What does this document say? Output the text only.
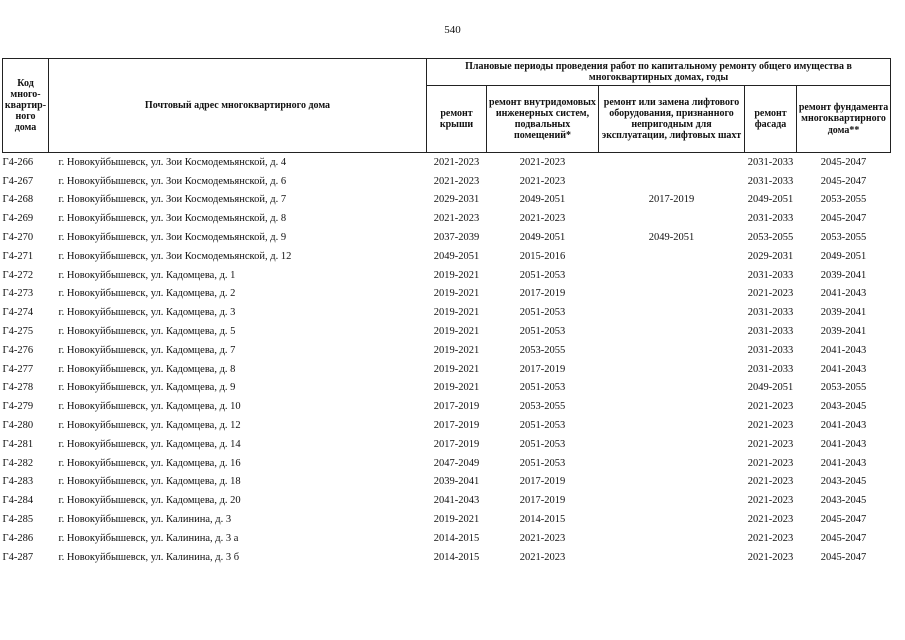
540
Код много-квартир-ного дома	Почтовый адрес многоквартирного дома	Плановые периоды проведения работ по капитальному ремонту общего имущества в многоквартирных домах, годы				
		ремонт крыши	ремонт внутридомовых инженерных систем, подвальных помещений*	ремонт или замена лифтового оборудования, признанного непригодным для эксплуатации, лифтовых шахт	ремонт фасада	ремонт фундамента многоквартирного дома**
Г4-266	г. Новокуйбышевск, ул. Зои Космодемьянской, д. 4	2021-2023	2021-2023		2031-2033	2045-2047
Г4-267	г. Новокуйбышевск, ул. Зои Космодемьянской, д. 6	2021-2023	2021-2023		2031-2033	2045-2047
Г4-268	г. Новокуйбышевск, ул. Зои Космодемьянской, д. 7	2029-2031	2049-2051	2017-2019	2049-2051	2053-2055
Г4-269	г. Новокуйбышевск, ул. Зои Космодемьянской, д. 8	2021-2023	2021-2023		2031-2033	2045-2047
Г4-270	г. Новокуйбышевск, ул. Зои Космодемьянской, д. 9	2037-2039	2049-2051	2049-2051	2053-2055	2053-2055
Г4-271	г. Новокуйбышевск, ул. Зои Космодемьянской, д. 12	2049-2051	2015-2016		2029-2031	2049-2051
Г4-272	г. Новокуйбышевск, ул. Кадомцева, д. 1	2019-2021	2051-2053		2031-2033	2039-2041
Г4-273	г. Новокуйбышевск, ул. Кадомцева, д. 2	2019-2021	2017-2019		2021-2023	2041-2043
Г4-274	г. Новокуйбышевск, ул. Кадомцева, д. 3	2019-2021	2051-2053		2031-2033	2039-2041
Г4-275	г. Новокуйбышевск, ул. Кадомцева, д. 5	2019-2021	2051-2053		2031-2033	2039-2041
Г4-276	г. Новокуйбышевск, ул. Кадомцева, д. 7	2019-2021	2053-2055		2031-2033	2041-2043
Г4-277	г. Новокуйбышевск, ул. Кадомцева, д. 8	2019-2021	2017-2019		2031-2033	2041-2043
Г4-278	г. Новокуйбышевск, ул. Кадомцева, д. 9	2019-2021	2051-2053		2049-2051	2053-2055
Г4-279	г. Новокуйбышевск, ул. Кадомцева, д. 10	2017-2019	2053-2055		2021-2023	2043-2045
Г4-280	г. Новокуйбышевск, ул. Кадомцева, д. 12	2017-2019	2051-2053		2021-2023	2041-2043
Г4-281	г. Новокуйбышевск, ул. Кадомцева, д. 14	2017-2019	2051-2053		2021-2023	2041-2043
Г4-282	г. Новокуйбышевск, ул. Кадомцева, д. 16	2047-2049	2051-2053		2021-2023	2041-2043
Г4-283	г. Новокуйбышевск, ул. Кадомцева, д. 18	2039-2041	2017-2019		2021-2023	2043-2045
Г4-284	г. Новокуйбышевск, ул. Кадомцева, д. 20	2041-2043	2017-2019		2021-2023	2043-2045
Г4-285	г. Новокуйбышевск, ул. Калинина, д. 3	2019-2021	2014-2015		2021-2023	2045-2047
Г4-286	г. Новокуйбышевск, ул. Калинина, д. 3 а	2014-2015	2021-2023		2021-2023	2045-2047
Г4-287	г. Новокуйбышевск, ул. Калинина, д. 3 б	2014-2015	2021-2023		2021-2023	2045-2047
